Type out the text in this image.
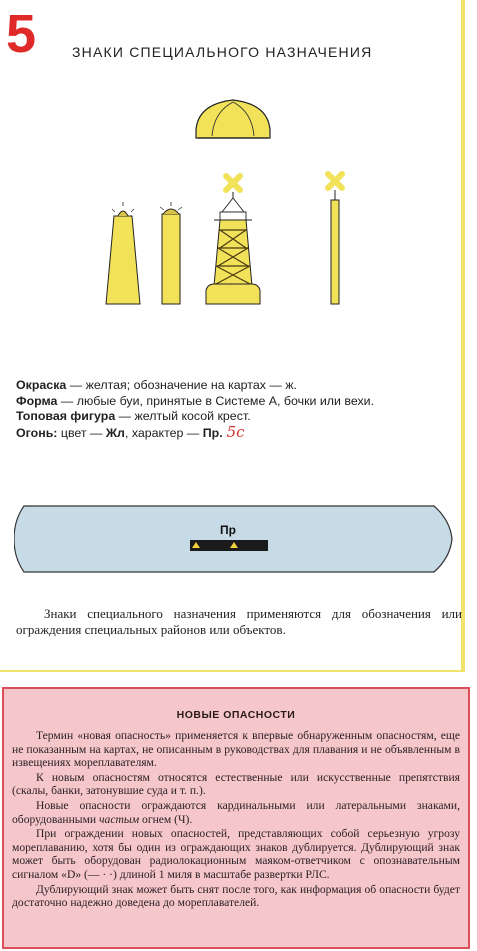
5	ЗНАКИ СПЕЦИАЛЬНОГО НАЗНАЧЕНИЯ
Окраска — желтая; обозначение на картах — ж.
Форма — любые буи, принятые в Системе А, бочки или вехи.
Топовая фигура — желтый косой крест.
Огонь: цвет — Жл, характер — Пр. 5с
Пр
Знаки специального назначения применяются для обозначения или ограждения специальных районов или объектов.
НОВЫЕ ОПАСНОСТИ

Термин «новая опасность» применяется к впервые обнаруженным опасностям, еще не показанным на картах, не описанным в руководствах для плавания и не объявленным в извещениях мореплавателям.

К новым опасностям относятся естественные или искусственные препятствия (скалы, банки, затонувшие суда и т. п.).

Новые опасности ограждаются кардинальными или латеральными знаками, оборудованными частым огнем (Ч).

При ограждении новых опасностей, представляющих собой серьезную угрозу мореплаванию, хотя бы один из ограждающих знаков дублируется. Дублирующий знак может быть оборудован радиолокационным маяком-ответчиком с опознавательным сигналом «D» (— · ·) длиной 1 миля в масштабе развертки РЛС.

Дублирующий знак может быть снят после того, как информация об опасности будет достаточно надежно доведена до мореплавателей.
